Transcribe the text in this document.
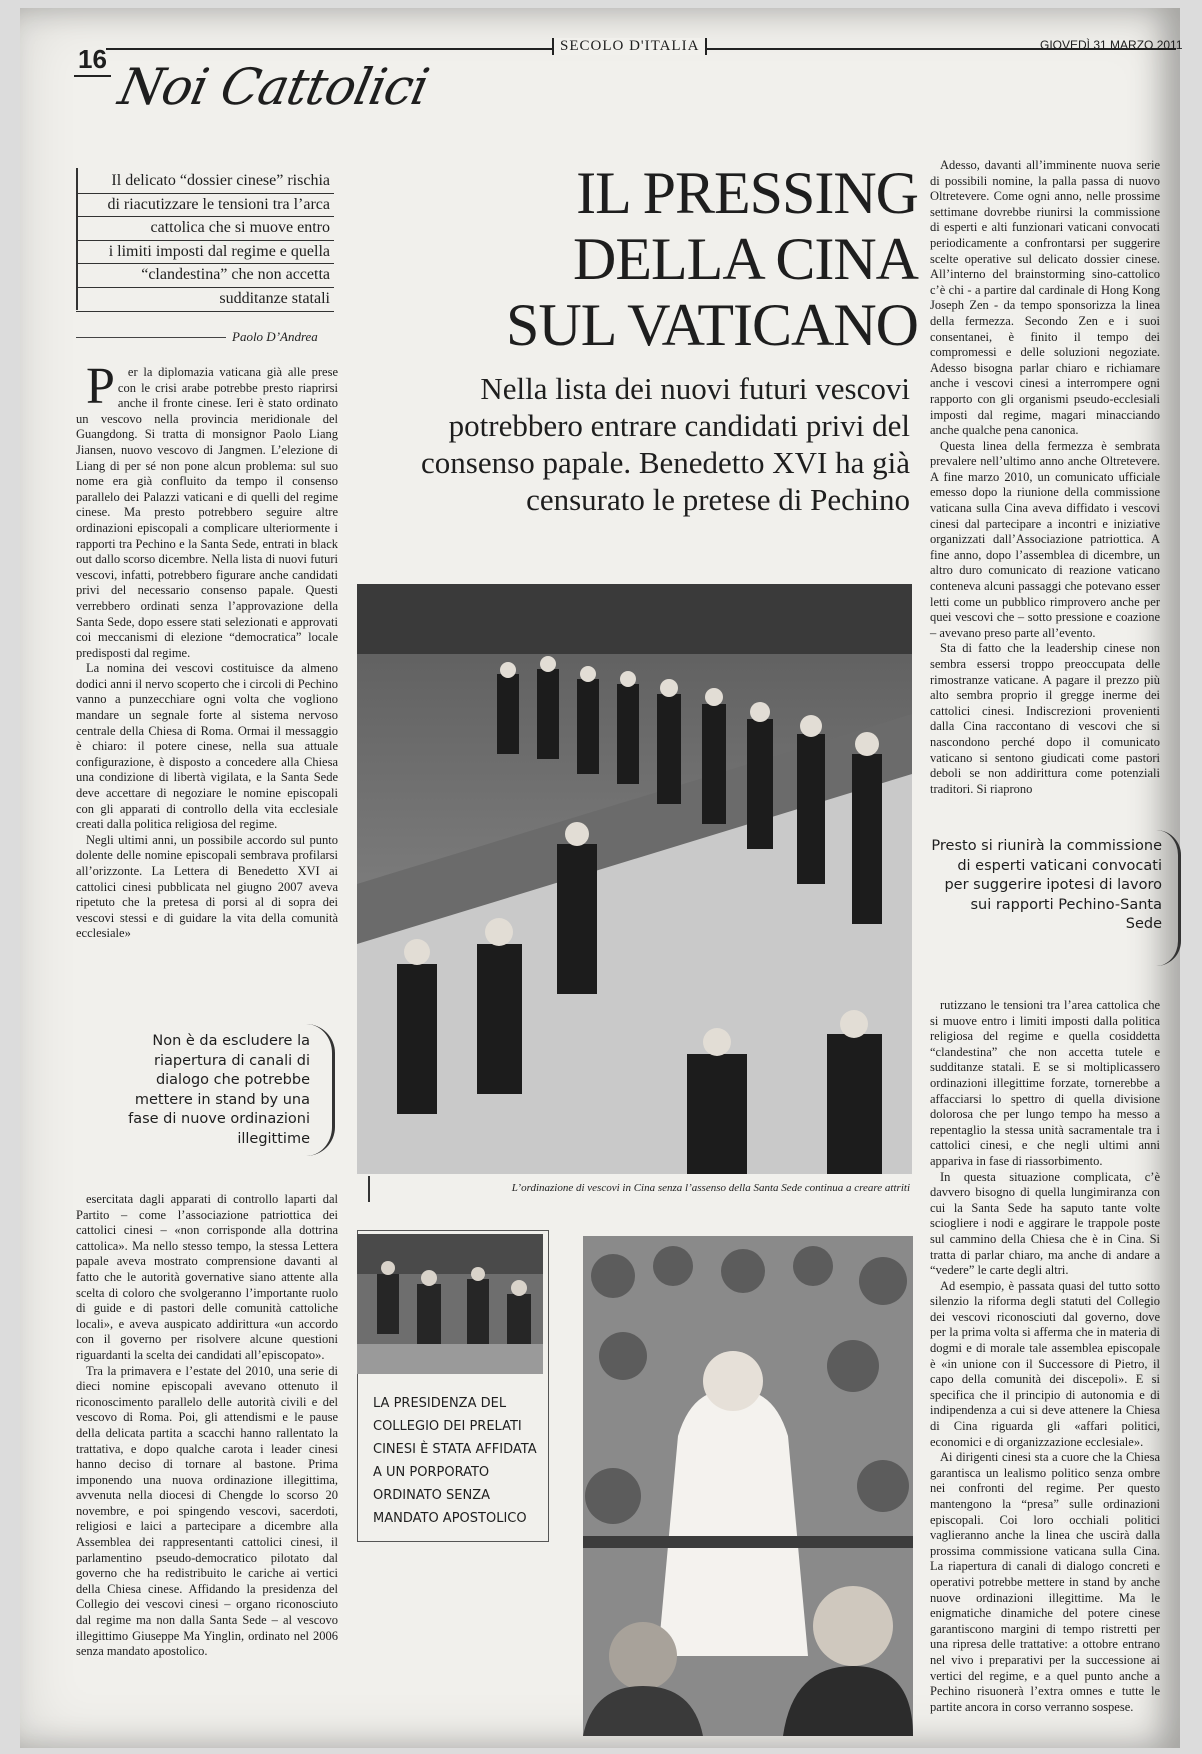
16	SECOLO D'ITALIA	GIOVEDÌ 31 MARZO 2011
Noi Cattolici
Il delicato “dossier cinese” rischia
di riacutizzare le tensioni tra l’arca
cattolica che si muove entro
i limiti imposti dal regime e quella
“clandestina” che non accetta
sudditanze statali
Paolo D’Andrea
IL PRESSING DELLA CINA SUL VATICANO
Nella lista dei nuovi futuri vescovi potrebbero entrare candidati privi del consenso papale. Benedetto XVI ha già censurato le pretese di Pechino

Per la diplomazia vaticana già alle prese con le crisi arabe potrebbe presto riaprirsi anche il fronte cinese. Ieri è stato ordinato un vescovo nella provincia meridionale del Guangdong. Si tratta di monsignor Paolo Liang Jiansen, nuovo vescovo di Jangmen. L’elezione di Liang di per sé non pone alcun problema: sul suo nome era già confluito da tempo il consenso parallelo dei Palazzi vaticani e di quelli del regime cinese. Ma presto potrebbero seguire altre ordinazioni episcopali a complicare ulteriormente i rapporti tra Pechino e la Santa Sede, entrati in black out dallo scorso dicembre. Nella lista di nuovi futuri vescovi, infatti, potrebbero figurare anche candidati privi del necessario consenso papale. Questi verrebbero ordinati senza l’approvazione della Santa Sede, dopo essere stati selezionati e approvati coi meccanismi di elezione “democratica” locale predisposti dal regime.

La nomina dei vescovi costituisce da almeno dodici anni il nervo scoperto che i circoli di Pechino vanno a punzecchiare ogni volta che vogliono mandare un segnale forte al sistema nervoso centrale della Chiesa di Roma. Ormai il messaggio è chiaro: il potere cinese, nella sua attuale configurazione, è disposto a concedere alla Chiesa una condizione di libertà vigilata, e la Santa Sede deve accettare di negoziare le nomine episcopali con gli apparati di controllo della vita ecclesiale creati dalla politica religiosa del regime.

Negli ultimi anni, un possibile accordo sul punto dolente delle nomine episcopali sembrava profilarsi all’orizzonte. La Lettera di Benedetto XVI ai cattolici cinesi pubblicata nel giugno 2007 aveva ripetuto che la pretesa di porsi al di sopra dei vescovi stessi e di guidare la vita della comunità ecclesiale»

Non è da escludere la riapertura di canali di dialogo che potrebbe mettere in stand by una fase di nuove ordinazioni illegittime

esercitata dagli apparati di controllo laparti dal Partito – come l’associazione patriottica dei cattolici cinesi – «non corrisponde alla dottrina cattolica». Ma nello stesso tempo, la stessa Lettera papale aveva mostrato comprensione davanti al fatto che le autorità governative siano attente alla scelta di coloro che svolgeranno l’importante ruolo di guide e di pastori delle comunità cattoliche locali», e aveva auspicato addirittura «un accordo con il governo per risolvere alcune questioni riguardanti la scelta dei candidati all’episcopato».

Tra la primavera e l’estate del 2010, una serie di dieci nomine episcopali avevano ottenuto il riconoscimento parallelo delle autorità civili e del vescovo di Roma. Poi, gli attendismi e le pause della delicata partita a scacchi hanno rallentato la trattativa, e dopo qualche carota i leader cinesi hanno deciso di tornare al bastone. Prima imponendo una nuova ordinazione illegittima, avvenuta nella diocesi di Chengde lo scorso 20 novembre, e poi spingendo vescovi, sacerdoti, religiosi e laici a partecipare a dicembre alla Assemblea dei rappresentanti cattolici cinesi, il parlamentino pseudo-democratico pilotato dal governo che ha redistribuito le cariche ai vertici della Chiesa cinese. Affidando la presidenza del Collegio dei vescovi cinesi – organo riconosciuto dal regime ma non dalla Santa Sede – al vescovo illegittimo Giuseppe Ma Yinglin, ordinato nel 2006 senza mandato apostolico.

L’ordinazione di vescovi in Cina senza l’assenso della Santa Sede continua a creare attriti
LA PRESIDENZA DEL COLLEGIO DEI PRELATI CINESI È STATA AFFIDATA A UN PORPORATO ORDINATO SENZA MANDATO APOSTOLICO

Adesso, davanti all’imminente nuova serie di possibili nomine, la palla passa di nuovo Oltretevere. Come ogni anno, nelle prossime settimane dovrebbe riunirsi la commissione di esperti e alti funzionari vaticani convocati periodicamente a confrontarsi per suggerire scelte operative sul delicato dossier cinese. All’interno del brainstorming sino-cattolico c’è chi - a partire dal cardinale di Hong Kong Joseph Zen - da tempo sponsorizza la linea della fermezza. Secondo Zen e i suoi consentanei, è finito il tempo dei compromessi e delle soluzioni negoziate. Adesso bisogna parlar chiaro e richiamare anche i vescovi cinesi a interrompere ogni rapporto con gli organismi pseudo-ecclesiali imposti dal regime, magari minacciando anche qualche pena canonica.

Questa linea della fermezza è sembrata prevalere nell’ultimo anno anche Oltretevere. A fine marzo 2010, un comunicato ufficiale emesso dopo la riunione della commissione vaticana sulla Cina aveva diffidato i vescovi cinesi dal partecipare a incontri e iniziative organizzati dall’Associazione patriottica. A fine anno, dopo l’assemblea di dicembre, un altro duro comunicato di reazione vaticano conteneva alcuni passaggi che potevano esser letti come un pubblico rimprovero anche per quei vescovi che – sotto pressione e coazione – avevano preso parte all’evento.

Sta di fatto che la leadership cinese non sembra essersi troppo preoccupata delle rimostranze vaticane. A pagare il prezzo più alto sembra proprio il gregge inerme dei cattolici cinesi. Indiscrezioni provenienti dalla Cina raccontano di vescovi che si nascondono perché dopo il comunicato vaticano si sentono giudicati come pastori deboli se non addirittura come potenziali traditori. Si riaprono

Presto si riunirà la commissione di esperti vaticani convocati per suggerire ipotesi di lavoro sui rapporti Pechino-Santa Sede

rutizzano le tensioni tra l’area cattolica che si muove entro i limiti imposti dalla politica religiosa del regime e quella cosiddetta “clandestina” che non accetta tutele e sudditanze statali. E se si moltiplicassero ordinazioni illegittime forzate, tornerebbe a affacciarsi lo spettro di quella divisione dolorosa che per lungo tempo ha messo a repentaglio la stessa unità sacramentale tra i cattolici cinesi, e che negli ultimi anni appariva in fase di riassorbimento.

In questa situazione complicata, c’è davvero bisogno di quella lungimiranza con cui la Santa Sede ha saputo tante volte sciogliere i nodi e aggirare le trappole poste sul cammino della Chiesa che è in Cina. Si tratta di parlar chiaro, ma anche di andare a “vedere” le carte degli altri.

Ad esempio, è passata quasi del tutto sotto silenzio la riforma degli statuti del Collegio dei vescovi riconosciuti dal governo, dove per la prima volta si afferma che in materia di dogmi e di morale tale assemblea episcopale è «in unione con il Successore di Pietro, il capo della comunità dei discepoli». E si specifica che il principio di autonomia e di indipendenza a cui si deve attenere la Chiesa di Cina riguarda gli «affari politici, economici e di organizzazione ecclesiale».

Ai dirigenti cinesi sta a cuore che la Chiesa garantisca un lealismo politico senza ombre nei confronti del regime. Per questo mantengono la “presa” sulle ordinazioni episcopali. Coi loro occhiali politici vaglieranno anche la linea che uscirà dalla prossima commissione vaticana sulla Cina. La riapertura di canali di dialogo concreti e operativi potrebbe mettere in stand by anche nuove ordinazioni illegittime. Ma le enigmatiche dinamiche del potere cinese garantiscono margini di tempo ristretti per una ripresa delle trattative: a ottobre entrano nel vivo i preparativi per la successione ai vertici del regime, e a quel punto anche a Pechino risuonerà l’extra omnes e tutte le partite ancora in corso verranno sospese.
